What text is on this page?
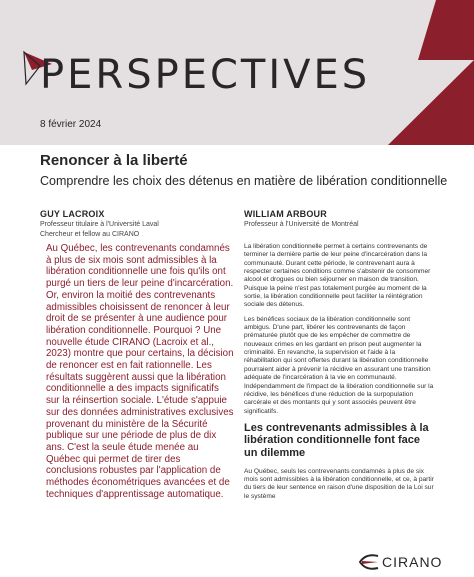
PERSPECTIVES
8 février 2024
Renoncer à la liberté

Comprendre les choix des détenus en matière de libération conditionnelle

GUY LACROIX
Professeur titulaire à l'Université Laval
Chercheur et fellow au CIRANO
WILLIAM ARBOUR
Professeur à l'Université de Montréal

Au Québec, les contrevenants condamnés à plus de six mois sont admissibles à la libération conditionnelle une fois qu'ils ont purgé un tiers de leur peine d'incarcération. Or, environ la moitié des contrevenants admissibles choisissent de renoncer à leur droit de se présenter à une audience pour libération conditionnelle. Pourquoi ? Une nouvelle étude CIRANO (Lacroix et al., 2023) montre que pour certains, la décision de renoncer est en fait rationnelle. Les résultats suggèrent aussi que la libération conditionnelle a des impacts significatifs sur la réinsertion sociale. L'étude s'appuie sur des données administratives exclusives provenant du ministère de la Sécurité publique sur une période de plus de dix ans. C'est la seule étude menée au Québec qui permet de tirer des conclusions robustes par l'application de méthodes économétriques avancées et de techniques d'apprentissage automatique.

La libération conditionnelle permet à certains contrevenants de terminer la dernière partie de leur peine d'incarcération dans la communauté. Durant cette période, le contrevenant aura à respecter certaines conditions comme s'abstenir de consommer alcool et drogues ou bien séjourner en maison de transition. Puisque la peine n'est pas totalement purgée au moment de la sortie, la libération conditionnelle peut faciliter la réintégration sociale des détenus.

Les bénéfices sociaux de la libération conditionnelle sont ambigus. D'une part, libérer les contrevenants de façon prématurée plutôt que de les empêcher de commettre de nouveaux crimes en les gardant en prison peut augmenter la criminalité. En revanche, la supervision et l'aide à la réhabilitation qui sont offertes durant la libération conditionnelle pourraient aider à prévenir la récidive en assurant une transition adéquate de l'incarcération à la vie en communauté. Indépendamment de l'impact de la libération conditionnelle sur la récidive, les bénéfices d'une réduction de la surpopulation carcérale et des montants qui y sont associés peuvent être significatifs.

Les contrevenants admissibles à la libération conditionnelle font face un dilemme

Au Québec, seuls les contrevenants condamnés à plus de six mois sont admissibles à la libération conditionnelle, et ce, à partir du tiers de leur sentence en raison d'une disposition de la Loi sur le système

CIRANO
